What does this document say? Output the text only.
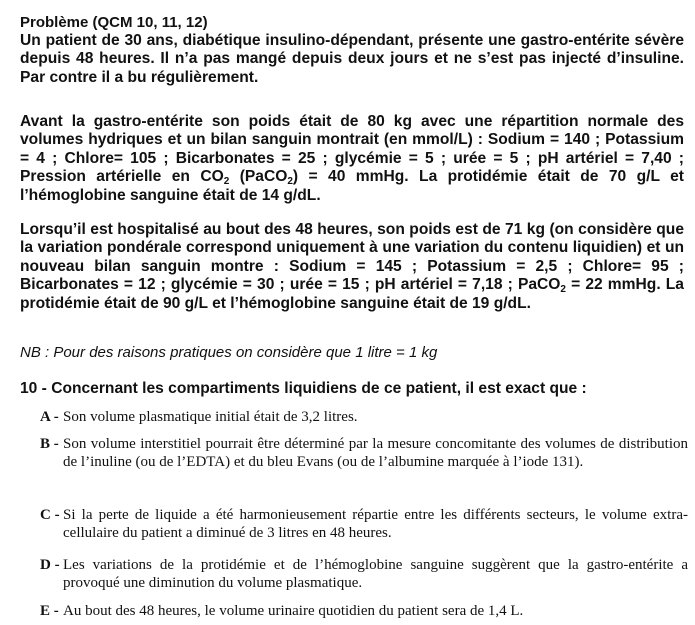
Problème (QCM 10, 11, 12)
Un patient de 30 ans, diabétique insulino-dépendant, présente une gastro-entérite sévère depuis 48 heures. Il n’a pas mangé depuis deux jours et ne s’est pas injecté d’insuline. Par contre il a bu régulièrement.
Avant la gastro-entérite son poids était de 80 kg avec une répartition normale des volumes hydriques et un bilan sanguin montrait (en mmol/L) : Sodium = 140 ; Potassium = 4 ; Chlore= 105 ; Bicarbonates = 25 ; glycémie = 5 ; urée = 5 ; pH artériel = 7,40 ; Pression artérielle en $CO_2$ (PaCO$_2$) = 40 mmHg. La protidémie était de 70 g/L et l’hémoglobine sanguine était de 14 g/dL.
Lorsqu’il est hospitalisé au bout des 48 heures, son poids est de 71 kg (on considère que la variation pondérale correspond uniquement à une variation du contenu liquidien) et un nouveau bilan sanguin montre : Sodium = 145 ; Potassium = 2,5 ; Chlore= 95 ; Bicarbonates = 12 ; glycémie = 30 ; urée = 15 ; pH artériel = 7,18 ; PaCO$_2$ = 22 mmHg. La protidémie était de 90 g/L et l’hémoglobine sanguine était de 19 g/dL.
NB : Pour des raisons pratiques on considère que 1 litre = 1 kg
10 - Concernant les compartiments liquidiens de ce patient, il est exact que :
A - Son volume plasmatique initial était de 3,2 litres.
B - Son volume interstitiel pourrait être déterminé par la mesure concomitante des volumes de distribution de l’inuline (ou de l’EDTA) et du bleu Evans (ou de l’albumine marquée à l’iode 131).
C - Si la perte de liquide a été harmonieusement répartie entre les différents secteurs, le volume extra-cellulaire du patient a diminué de 3 litres en 48 heures.
D - Les variations de la protidémie et de l’hémoglobine sanguine suggèrent que la gastro-entérite a provoqué une diminution du volume plasmatique.
E - Au bout des 48 heures, le volume urinaire quotidien du patient sera de 1,4 L.
